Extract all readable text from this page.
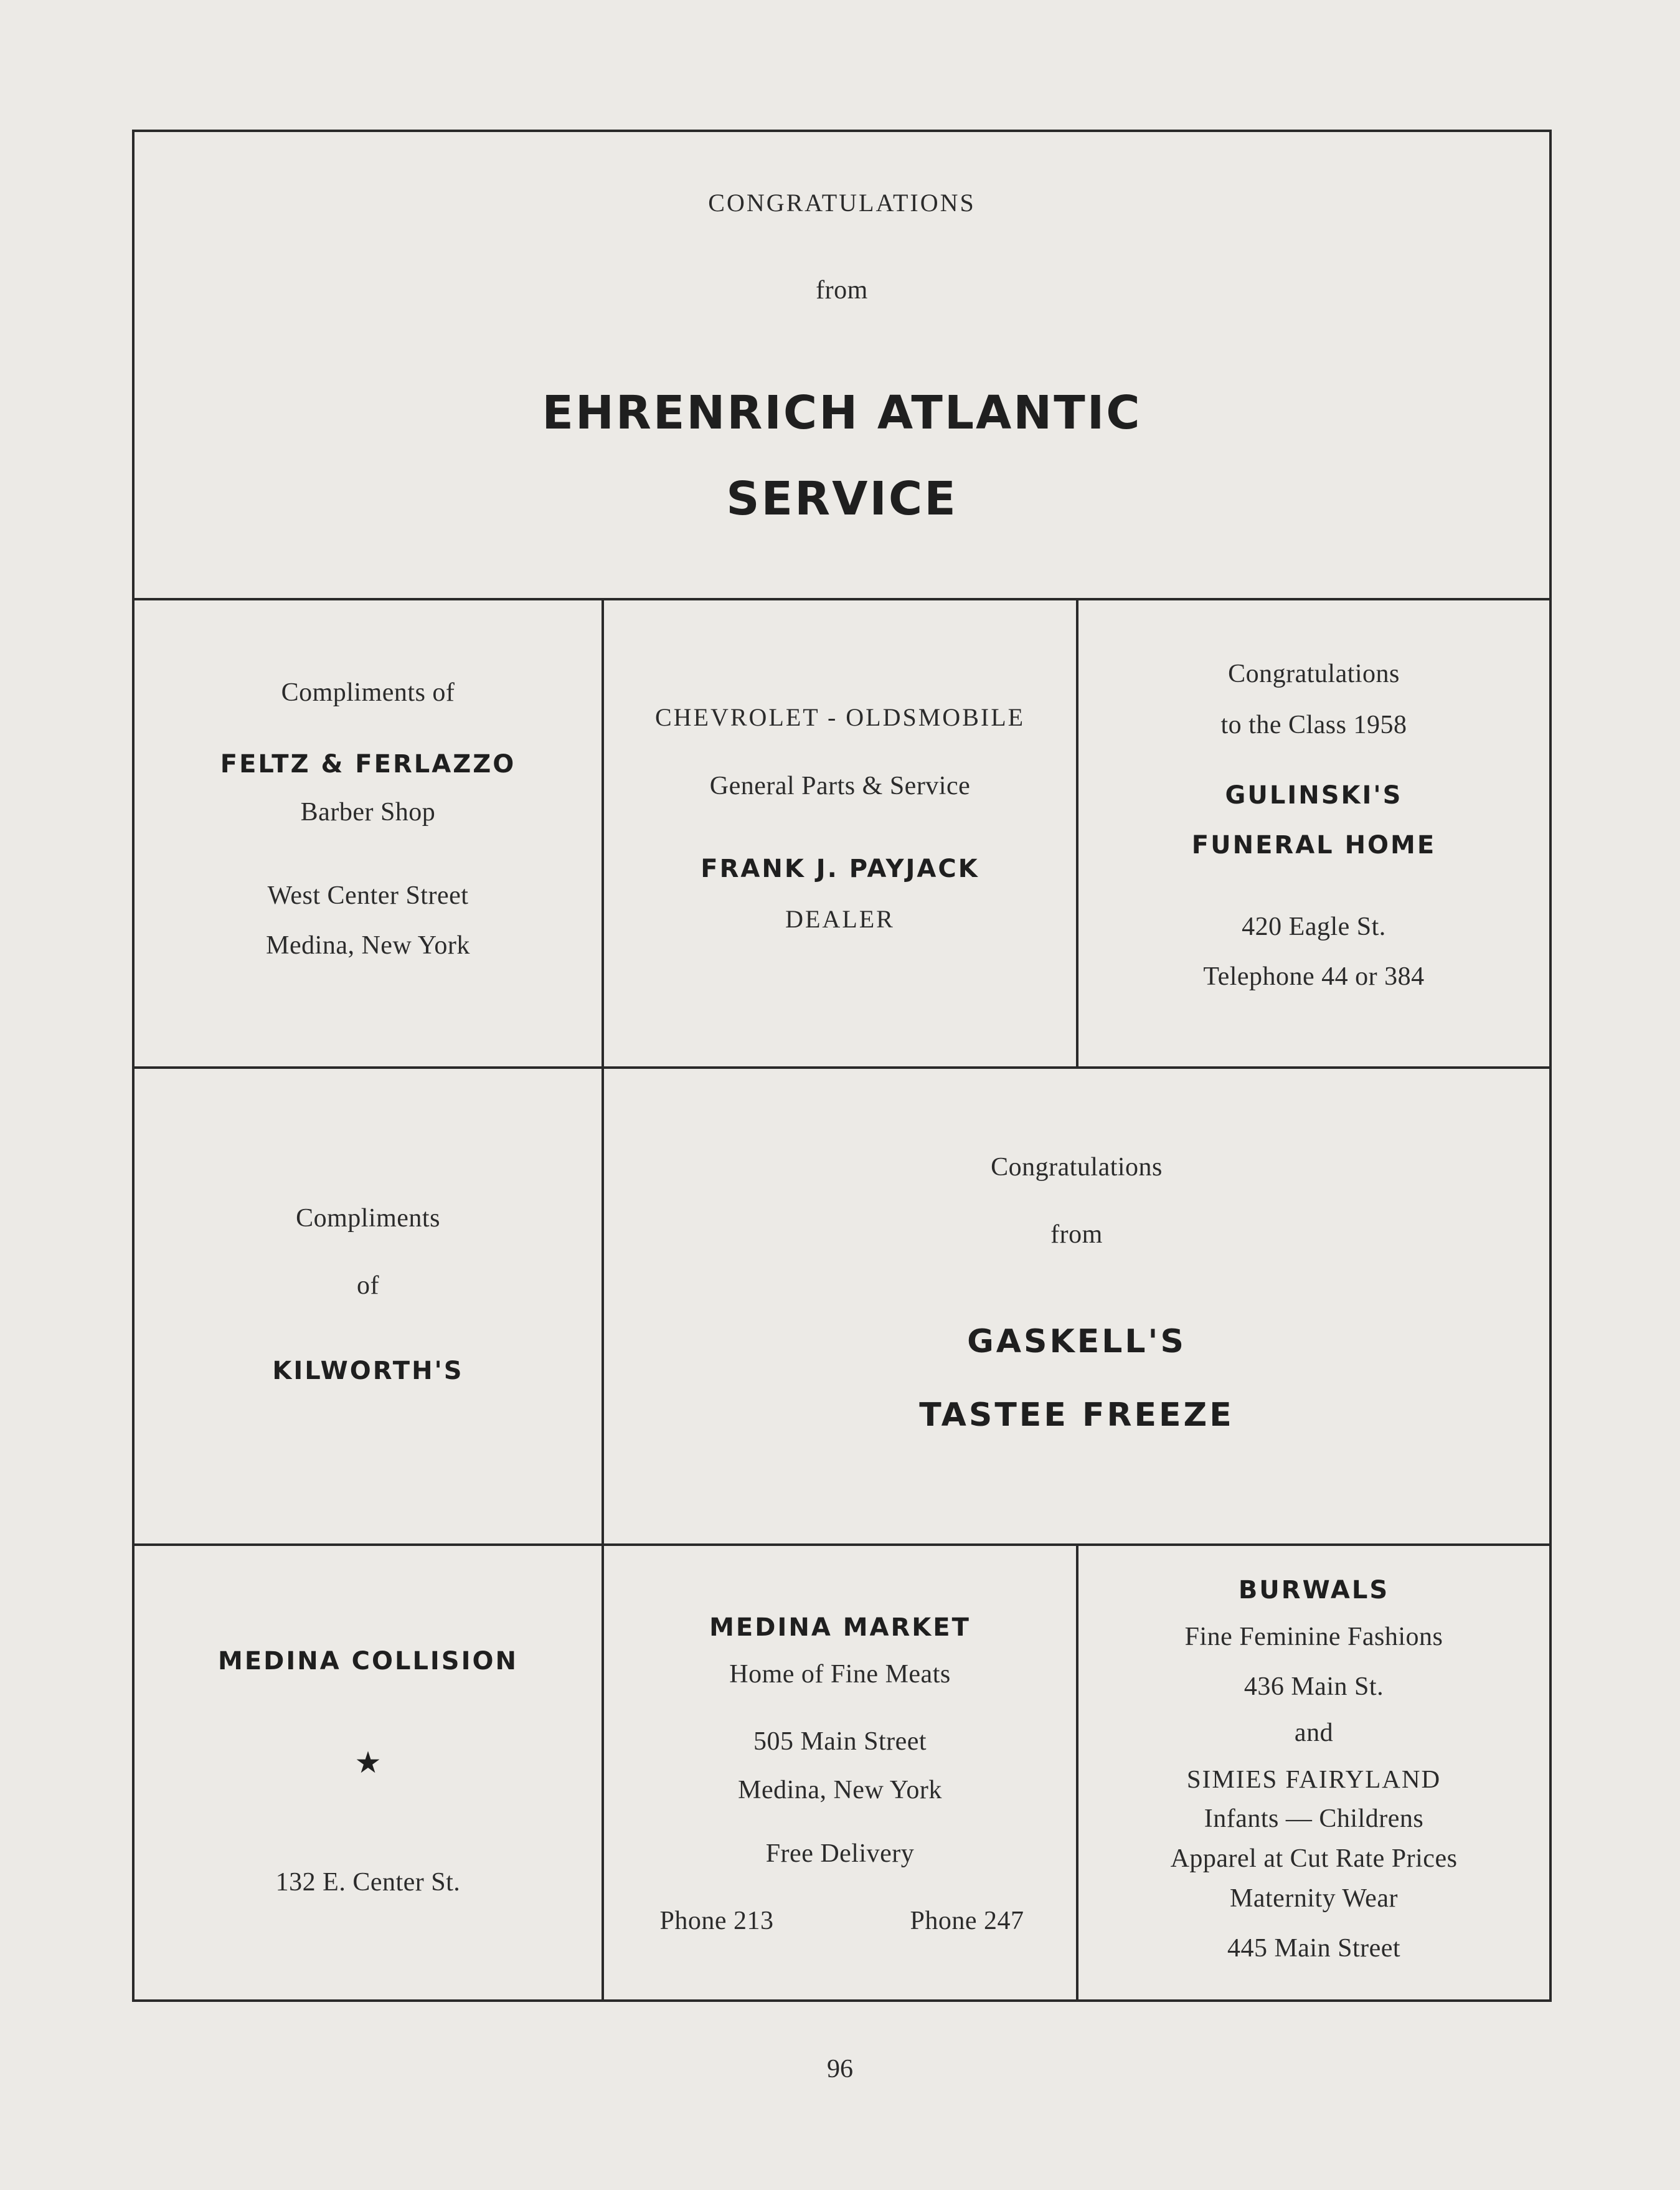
CONGRATULATIONS
from
EHRENRICH ATLANTIC
SERVICE
Compliments of
FELTZ & FERLAZZO
Barber Shop
West Center Street
Medina, New York
CHEVROLET - OLDSMOBILE
General Parts & Service
FRANK J. PAYJACK
DEALER
Congratulations
to the Class 1958
GULINSKI'S
FUNERAL HOME
420 Eagle St.
Telephone 44 or 384
Compliments
of
KILWORTH'S
Congratulations
from
GASKELL'S
TASTEE FREEZE
MEDINA COLLISION
★
132 E. Center St.
MEDINA MARKET
Home of Fine Meats
505 Main Street
Medina, New York
Free Delivery
Phone 213	Phone 247
BURWALS
Fine Feminine Fashions
436 Main St.
and
SIMIES FAIRYLAND
Infants — Childrens
Apparel at Cut Rate Prices
Maternity Wear
445 Main Street
96
